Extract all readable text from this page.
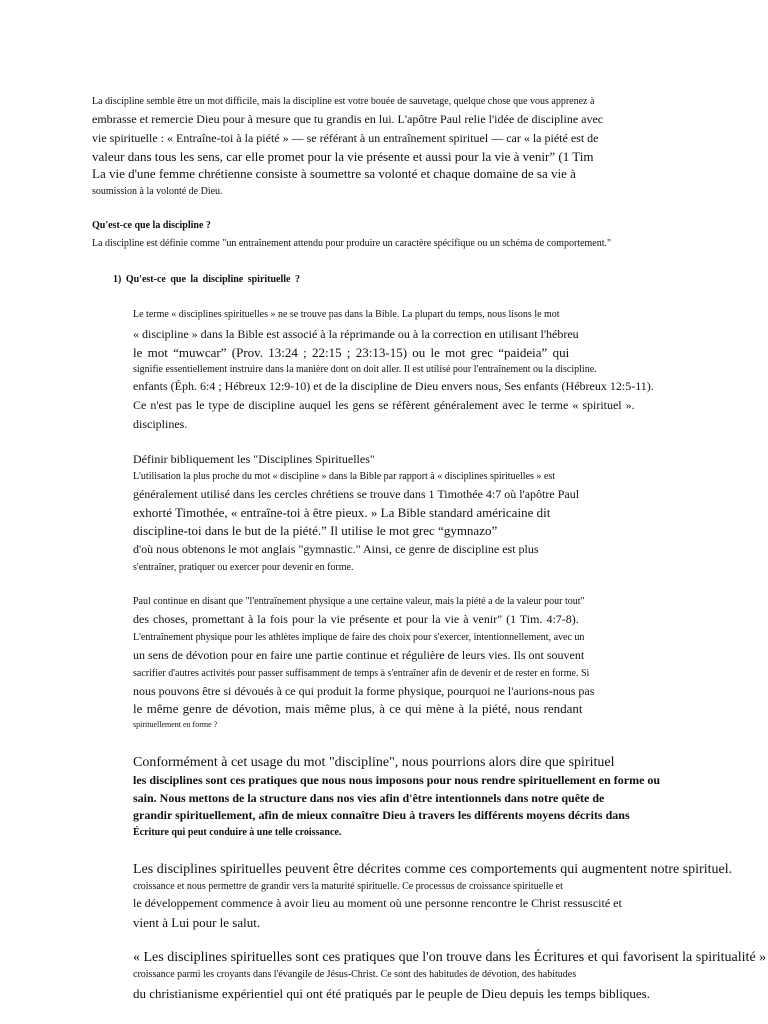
La discipline semble être un mot difficile, mais la discipline est votre bouée de sauvetage, quelque chose que vous apprenez à
embrasse et remercie Dieu pour à mesure que tu grandis en lui. L'apôtre Paul relie l'idée de discipline avec
vie spirituelle : « Entraîne-toi à la piété » — se référant à un entraînement spirituel — car « la piété est de
valeur dans tous les sens, car elle promet pour la vie présente et aussi pour la vie à venir” (1 Tim
La vie d'une femme chrétienne consiste à soumettre sa volonté et chaque domaine de sa vie à
soumission à la volonté de Dieu.
Qu'est-ce que la discipline ?
La discipline est définie comme "un entraînement attendu pour produire un caractère spécifique ou un schéma de comportement."
1) Qu'est-ce que la discipline spirituelle ?
Le terme « disciplines spirituelles » ne se trouve pas dans la Bible. La plupart du temps, nous lisons le mot
« discipline » dans la Bible est associé à la réprimande ou à la correction en utilisant l'hébreu
le mot “muwcar” (Prov. 13:24 ; 22:15 ; 23:13-15) ou le mot grec “paideia” qui
signifie essentiellement instruire dans la manière dont on doit aller. Il est utilisé pour l'entraînement ou la discipline.
enfants (Éph. 6:4 ; Hébreux 12:9-10) et de la discipline de Dieu envers nous, Ses enfants (Hébreux 12:5-11).
Ce n'est pas le type de discipline auquel les gens se réfèrent généralement avec le terme « spirituel ».
disciplines.
Définir bibliquement les "Disciplines Spirituelles"
L'utilisation la plus proche du mot « discipline » dans la Bible par rapport à « disciplines spirituelles » est
généralement utilisé dans les cercles chrétiens se trouve dans 1 Timothée 4:7 où l'apôtre Paul
exhorté Timothée, « entraîne-toi à être pieux. » La Bible standard américaine dit
discipline-toi dans le but de la piété.” Il utilise le mot grec “gymnazo”
d'où nous obtenons le mot anglais "gymnastic." Ainsi, ce genre de discipline est plus
s'entraîner, pratiquer ou exercer pour devenir en forme.
Paul continue en disant que "l'entraînement physique a une certaine valeur, mais la piété a de la valeur pour tout"
des choses, promettant à la fois pour la vie présente et pour la vie à venir" (1 Tim. 4:7-8).
L'entraînement physique pour les athlètes implique de faire des choix pour s'exercer, intentionnellement, avec un
un sens de dévotion pour en faire une partie continue et régulière de leurs vies. Ils ont souvent
sacrifier d'autres activités pour passer suffisamment de temps à s'entraîner afin de devenir et de rester en forme. Si
nous pouvons être si dévoués à ce qui produit la forme physique, pourquoi ne l'aurions-nous pas
le même genre de dévotion, mais même plus, à ce qui mène à la piété, nous rendant
spirituellement en forme ?
Conformément à cet usage du mot "discipline", nous pourrions alors dire que spirituel
les disciplines sont ces pratiques que nous nous imposons pour nous rendre spirituellement en forme ou
sain. Nous mettons de la structure dans nos vies afin d'être intentionnels dans notre quête de
grandir spirituellement, afin de mieux connaître Dieu à travers les différents moyens décrits dans
Écriture qui peut conduire à une telle croissance.
Les disciplines spirituelles peuvent être décrites comme ces comportements qui augmentent notre spirituel.
croissance et nous permettre de grandir vers la maturité spirituelle. Ce processus de croissance spirituelle et
le développement commence à avoir lieu au moment où une personne rencontre le Christ ressuscité et
vient à Lui pour le salut.
« Les disciplines spirituelles sont ces pratiques que l'on trouve dans les Écritures et qui favorisent la spiritualité »
croissance parmi les croyants dans l'évangile de Jésus-Christ. Ce sont des habitudes de dévotion, des habitudes
du christianisme expérientiel qui ont été pratiqués par le peuple de Dieu depuis les temps bibliques.
